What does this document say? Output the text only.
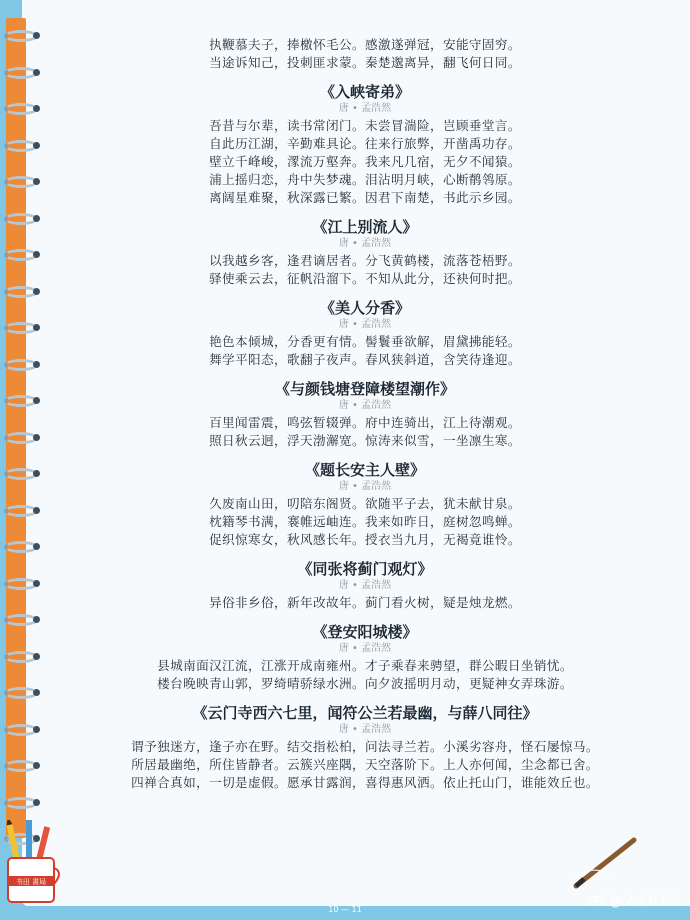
执鞭慕夫子，捧檄怀毛公。感激遂弹冠，安能守固穷。
当途诉知己，投刺匪求蒙。秦楚邈离异，翻飞何日同。
《入峡寄弟》
唐 • 孟浩然
吾昔与尔辈，读书常闭门。未尝冒湍险，岂顾垂堂言。
自此历江湖，辛勤难具论。往来行旅弊，开凿禹功存。
壁立千峰峻，潈流万壑奔。我来凡几宿，无夕不闻猿。
浦上摇归恋，舟中失梦魂。泪沾明月峡，心断鹡鸰原。
离阔星难聚，秋深露已繁。因君下南楚，书此示乡园。
《江上别流人》
唐 • 孟浩然
以我越乡客，逢君谪居者。分飞黄鹤楼，流落苍梧野。
驿使乘云去，征帆沿溜下。不知从此分，还袂何时把。
《美人分香》
唐 • 孟浩然
艳色本倾城，分香更有情。髻鬟垂欲解，眉黛拂能轻。
舞学平阳态，歌翻子夜声。春风狭斜道，含笑待逢迎。
《与颜钱塘登障楼望潮作》
唐 • 孟浩然
百里闻雷震，鸣弦暂辍弹。府中连骑出，江上待潮观。
照日秋云迥，浮天渤澥宽。惊涛来似雪，一坐凛生寒。
《题长安主人壁》
唐 • 孟浩然
久废南山田，叨陪东阁贤。欲随平子去，犹未献甘泉。
枕籍琴书满，褰帷远岫连。我来如昨日，庭树忽鸣蝉。
促织惊寒女，秋风感长年。授衣当九月，无褐竟谁怜。
《同张将蓟门观灯》
唐 • 孟浩然
异俗非乡俗，新年改故年。蓟门看火树，疑是烛龙燃。
《登安阳城楼》
唐 • 孟浩然
县城南面汉江流，江涨开成南雍州。才子乘春来骋望，群公暇日坐销忧。
楼台晚映青山郭，罗绮晴骄绿水洲。向夕波摇明月动，更疑神女弄珠游。
《云门寺西六七里，闻符公兰若最幽，与薛八同往》
唐 • 孟浩然
谓予独迷方，逢子亦在野。结交指松柏，问法寻兰若。小溪劣容舟，怪石屡惊马。
所居最幽绝，所住皆静者。云簇兴座隅，天空落阶下。上人亦何闻，尘念都已舍。
四禅合真如，一切是虚假。愿承甘露润，喜得惠风洒。依止托山门，谁能效丘也。
10 — 11
@文史札记
书田 書局
